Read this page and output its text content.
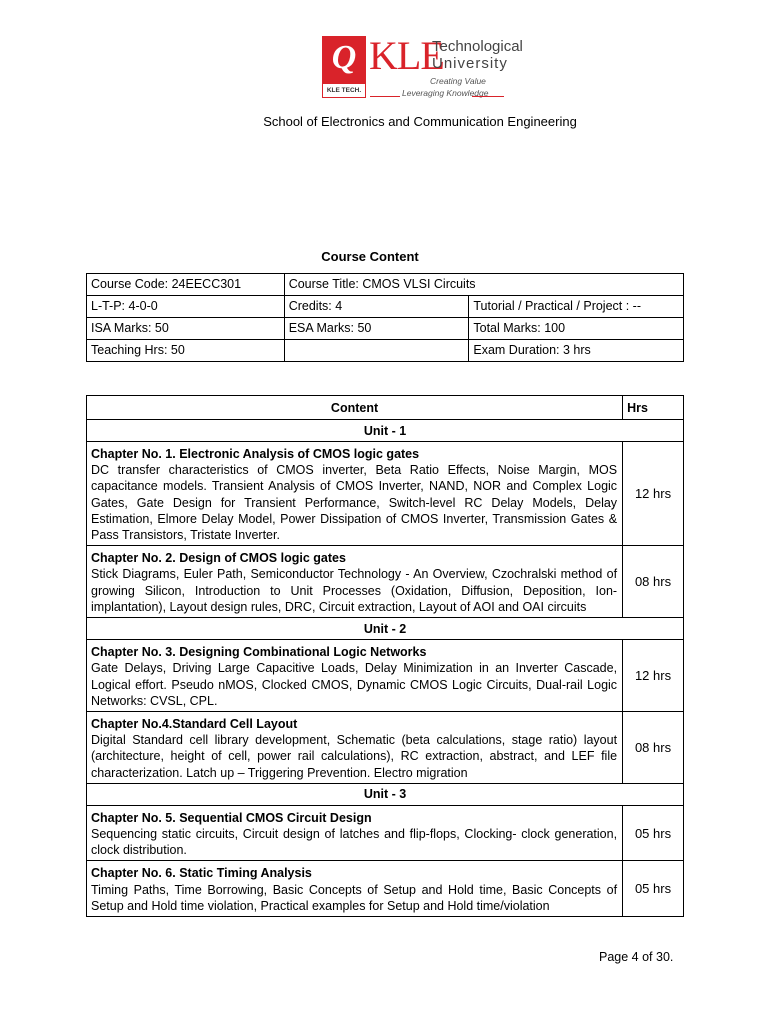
Q
KLE TECH.
KLE
Technological
University
Creating Value
Leveraging Knowledge
School of Electronics and Communication Engineering
Course Content
Course Code: 24EECC301	Course Title: CMOS VLSI Circuits	
L-T-P: 4-0-0	Credits: 4	Tutorial / Practical / Project : --
ISA Marks: 50	ESA Marks: 50	Total Marks: 100
Teaching Hrs: 50		Exam Duration: 3 hrs
Content	Hrs
Unit - 1	

Chapter No. 1. Electronic Analysis of CMOS logic gates
DC transfer characteristics of CMOS inverter, Beta Ratio Effects, Noise Margin, MOS capacitance models. Transient Analysis of CMOS Inverter, NAND, NOR and Complex Logic Gates, Gate Design for Transient Performance, Switch-level RC Delay Models, Delay Estimation, Elmore Delay Model, Power Dissipation of CMOS Inverter, Transmission Gates & Pass Transistors, Tristate Inverter.	12 hrs

Chapter No. 2. Design of CMOS logic gates
Stick Diagrams, Euler Path, Semiconductor Technology - An Overview, Czochralski method of growing Silicon, Introduction to Unit Processes (Oxidation, Diffusion, Deposition, Ion-implantation), Layout design rules, DRC, Circuit extraction, Layout of AOI and OAI circuits	08 hrs
Unit - 2	

Chapter No. 3. Designing Combinational Logic Networks
Gate Delays, Driving Large Capacitive Loads, Delay Minimization in an Inverter Cascade, Logical effort. Pseudo nMOS, Clocked CMOS, Dynamic CMOS Logic Circuits, Dual-rail Logic Networks: CVSL, CPL.	12 hrs

Chapter No.4.Standard Cell Layout
Digital Standard cell library development, Schematic (beta calculations, stage ratio) layout (architecture, height of cell, power rail calculations), RC extraction, abstract, and LEF file characterization. Latch up – Triggering Prevention. Electro migration	08 hrs
Unit - 3	

Chapter No. 5. Sequential CMOS Circuit Design
Sequencing static circuits, Circuit design of latches and flip-flops, Clocking- clock generation, clock distribution.	05 hrs

Chapter No. 6. Static Timing Analysis
Timing Paths, Time Borrowing, Basic Concepts of Setup and Hold time, Basic Concepts of Setup and Hold time violation, Practical examples for Setup and Hold time/violation	05 hrs
Page 4 of 30.
